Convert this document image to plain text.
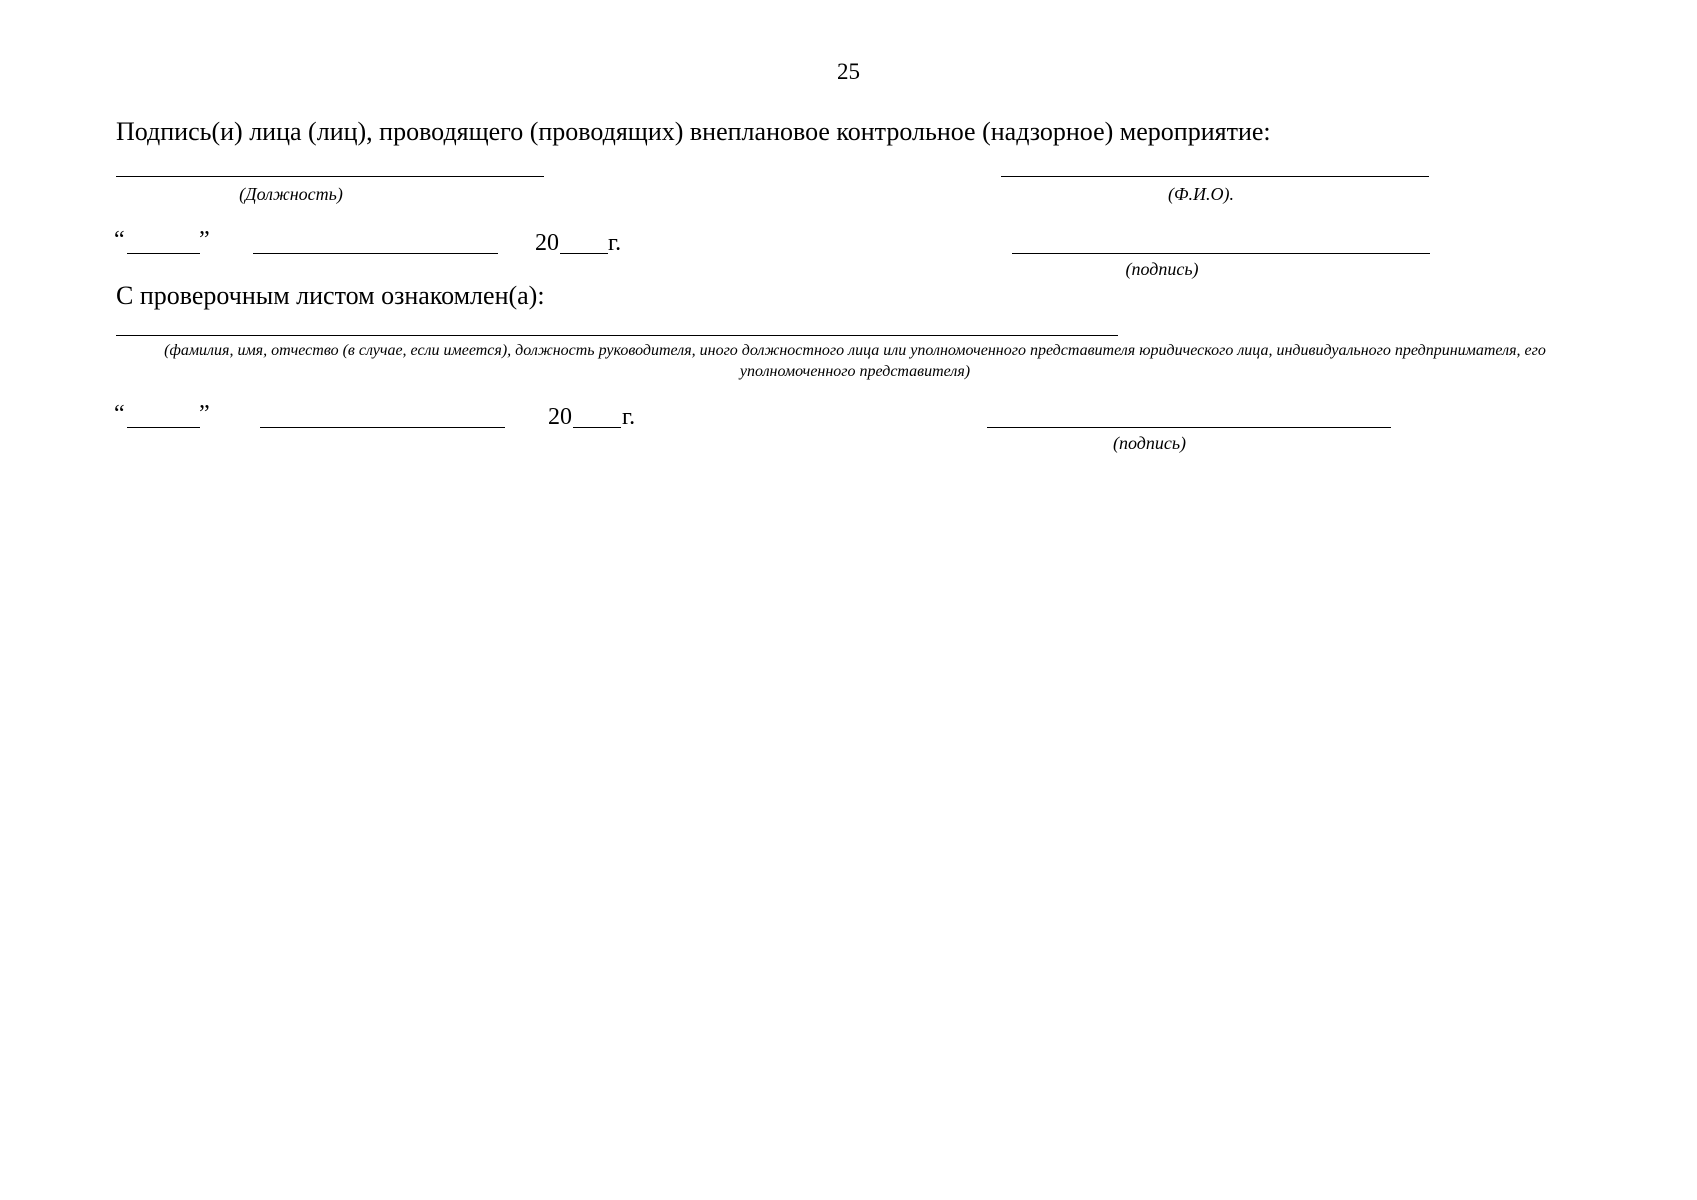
25
Подпись(и) лица (лиц), проводящего (проводящих) внеплановое контрольное (надзорное) мероприятие:
(Должность)	(Ф.И.О).
“	”	20 г.
(подпись)
С проверочным листом ознакомлен(а):
(фамилия, имя, отчество (в случае, если имеется), должность руководителя, иного должностного лица или уполномоченного представителя юридического лица, индивидуального предпринимателя, его уполномоченного представителя)
“	”	20 г.
(подпись)
